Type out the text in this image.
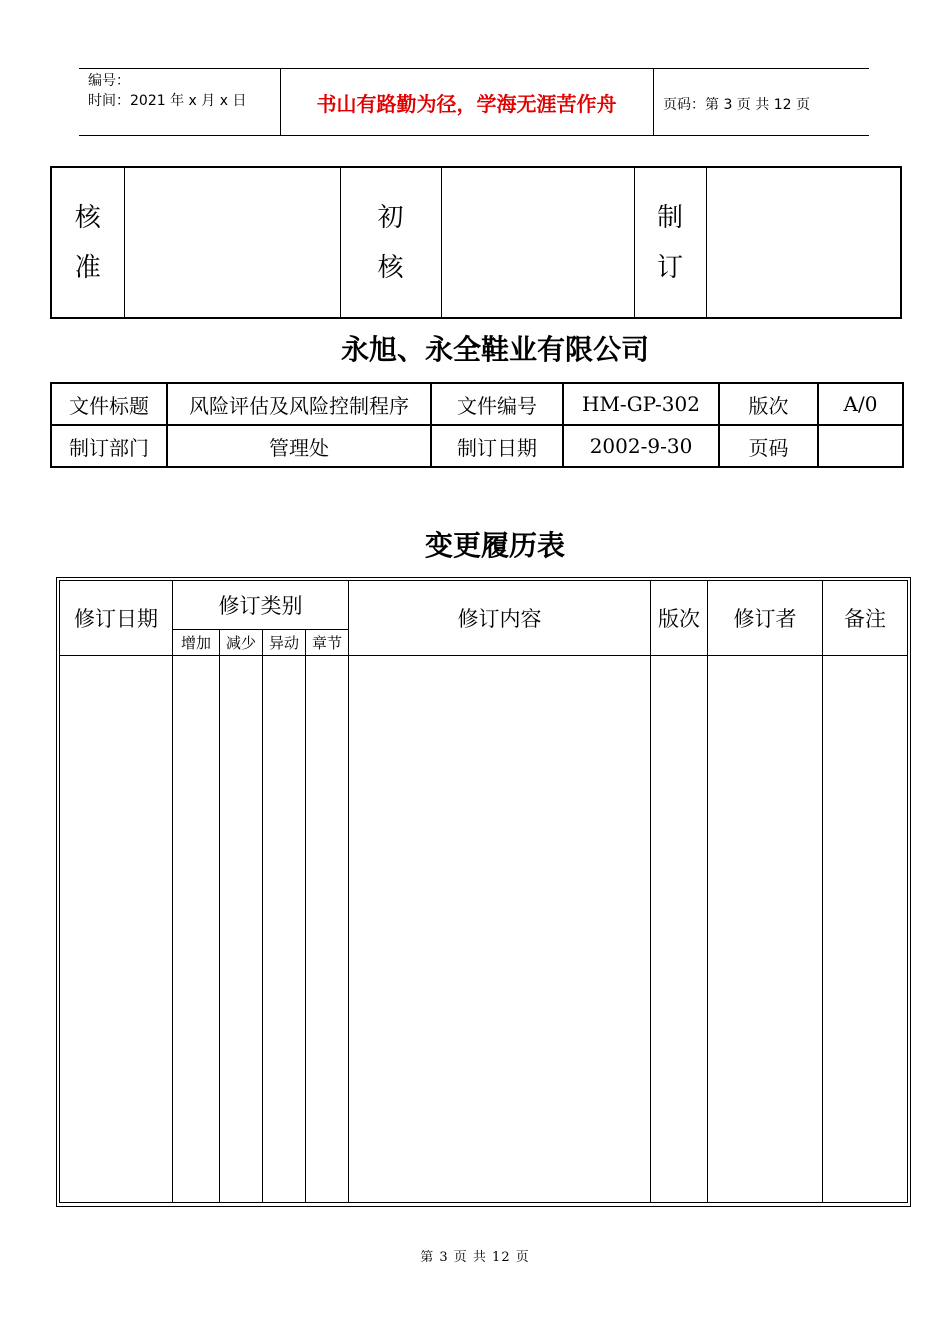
编号：
时间：2021 年 x 月 x 日	书山有路勤为径，学海无涯苦作舟	页码：第 3 页 共 12 页
核准		初核		制订	
永旭、永全鞋业有限公司
文件标题	风险评估及风险控制程序	文件编号	HM-GP-302	版次	A/0
制订部门	管理处	制订日期	2002-9-30	页码	
变更履历表
修订日期	修订类别				修订内容	版次	修订者	备注
	增加	减少	异动	章节				

第 3 页 共 12 页
